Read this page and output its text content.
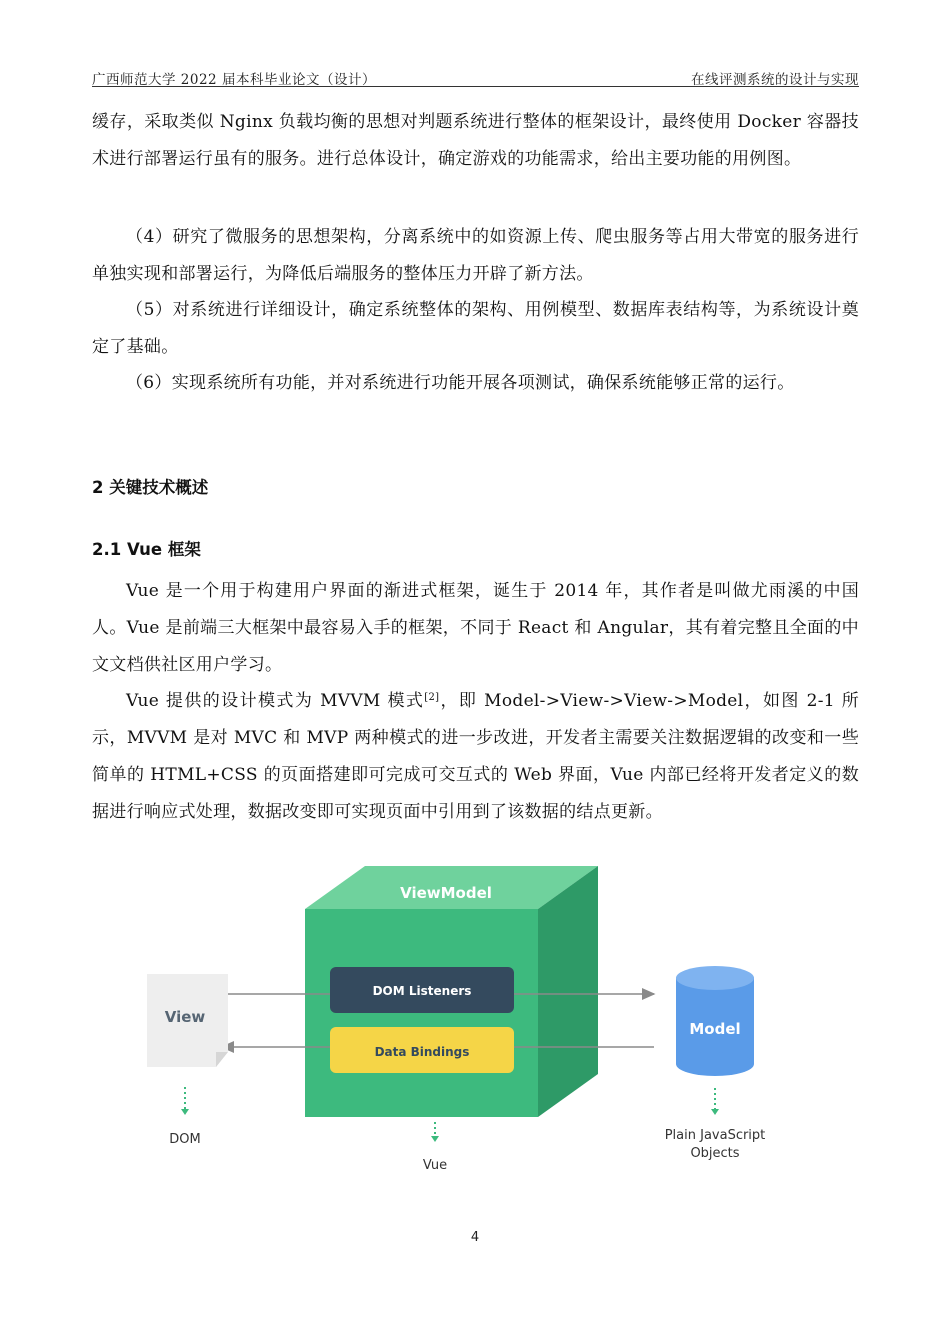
广西师范大学 2022 届本科毕业论文（设计）	在线评测系统的设计与实现

缓存，采取类似 Nginx 负载均衡的思想对判题系统进行整体的框架设计，最终使用 Docker 容器技术进行部署运行虽有的服务。进行总体设计，确定游戏的功能需求，给出主要功能的用例图。

（4）研究了微服务的思想架构，分离系统中的如资源上传、爬虫服务等占用大带宽的服务进行单独实现和部署运行，为降低后端服务的整体压力开辟了新方法。

（5）对系统进行详细设计，确定系统整体的架构、用例模型、数据库表结构等，为系统设计奠定了基础。

（6）实现系统所有功能，并对系统进行功能开展各项测试，确保系统能够正常的运行。

2 关键技术概述
2.1 Vue 框架

Vue 是一个用于构建用户界面的渐进式框架，诞生于 2014 年，其作者是叫做尤雨溪的中国人。Vue 是前端三大框架中最容易入手的框架，不同于 React 和 Angular，其有着完整且全面的中文文档供社区用户学习。

Vue 提供的设计模式为 MVVM 模式[2]，即 Model->View->View->Model，如图 2-1 所示，MVVM 是对 MVC 和 MVP 两种模式的进一步改进，开发者主需要关注数据逻辑的改变和一些简单的 HTML+CSS 的页面搭建即可完成可交互式的 Web 界面，Vue 内部已经将开发者定义的数据进行响应式处理，数据改变即可实现页面中引用到了该数据的结点更新。

ViewModel
DOM Listeners
Data Bindings
View
Model
DOM
Vue
Plain JavaScript
Objects
4
